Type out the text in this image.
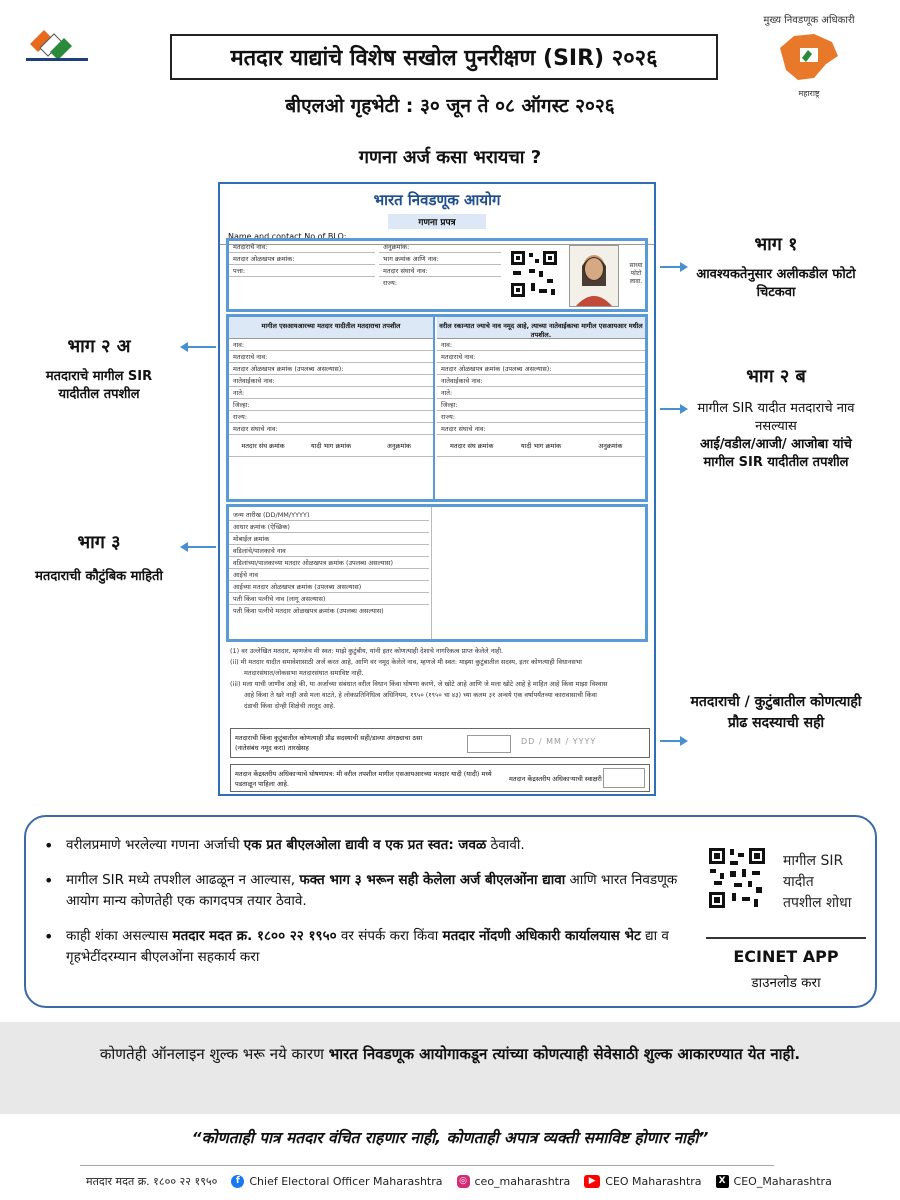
मुख्य निवडणूक अधिकारी
महाराष्ट्र
मतदार याद्यांचे विशेष सखोल पुनरीक्षण (SIR) २०२६
बीएलओ गृहभेटी : ३० जून ते ०८ ऑगस्ट २०२६
गणना अर्ज कसा भरायचा ?
भारत निवडणूक आयोग
गणना प्रपत्र
Name and contact No of BLO:
मतदाराचे नाव:
मतदार ओळखपत्र क्रमांक:
पत्ता:
अनुक्रमांक:
भाग क्रमांक आणि नाव:
मतदार संघाचे नाव:
राज्य:
साध्या फोटो लावा.
मागील एसआयआरच्या मतदार यादीतील मतदाराचा तपशील
नाव:
मतदाराचे नाव:
मतदार ओळखपत्र क्रमांक (उपलब्ध असल्यास):
नातेवाईकाचे नाव:
नाते:
जिल्हा:
राज्य:
मतदार संघाचे नाव:
मतदार संघ क्रमांक	यादी भाग क्रमांक	अनुक्रमांक
वरील रकान्यात ज्याचे नाव नमूद आहे, त्याच्या नातेवाईकाचा मागील एसआयआर मधील तपशील.
नाव:
मतदाराचे नाव:
मतदार ओळखपत्र क्रमांक (उपलब्ध असल्यास):
नातेवाईकाचे नाव:
नाते:
जिल्हा:
राज्य:
मतदार संघाचे नाव:
मतदार संघ क्रमांक	यादी भाग क्रमांक	अनुक्रमांक
जन्म तारीख (DD/MM/YYYY)
आधार क्रमांक (ऐच्छिक)
मोबाईल क्रमांक
वडिलांचे/पालकाचे नाव
वडिलांच्या/पालकाच्या मतदार ओळखपत्र क्रमांक (उपलब्ध असल्यास)
आईचे नाव
आईच्या मतदार ओळखपत्र क्रमांक (उपलब्ध असल्यास)
पती किंवा पत्नीचे नाव (लागू असल्यास)
पती किंवा पत्नीचे मतदार ओळखपत्र क्रमांक (उपलब्ध असल्यास)
(1) वर उल्लेखित मतदार, म्हणजेच मी स्वत: माझे कुटुंबीय, यांनी इतर कोणत्याही देशाचे नागरिकत्व प्राप्त केलेले नाही.
(ii) मी मतदार यादीत समावेशासाठी अर्ज करत आहे, आणि वर नमूद केलेले नाव, म्हणजे मी स्वत: माझ्या कुटुंबातील सदस्य, इतर कोणत्याही विधानसभा
मतदारसंघात/लोकसभा मतदारसंघात समाविष्ट नाही.
(iii) मला याची जाणीव आहे की, या अर्जाच्या संबंधात वरील विधान किंवा घोषणा करणे, जे खोटे आहे आणि जे मला खोटे आहे हे माहित आहे किंवा माझा विश्वास
आहे किंवा ते खरे नाही असे मला वाटते, हे लोकप्रतिनिधित्व अधिनियम, १९५० (१९५० चा ४३) च्या कलम ३१ अन्वये एक वर्षापर्यंतच्या कारावासाची किंवा
दंडाची किंवा दोन्ही शिक्षेची तरतूद आहे.
मतदाराची किंवा कुटुंबातील कोणत्याही प्रौढ सदस्याची सही/डाव्या अंगठ्याचा ठसा (नातेसंबंध नमूद करा) तारखेसह
DD / MM / YYYY
मतदान केंद्रस्तरीय अधिकाऱ्याचे घोषणापत्र: मी वरील तपशील मागील एसआयआरच्या मतदार यादी (यादी) मध्ये पडताळून पाहिला आहे.
मतदान केंद्रस्तरीय अधिकाऱ्याची स्वाक्षरी
भाग १
आवश्यकतेनुसार अलीकडील फोटो चिटकवा
भाग २ अ
मतदाराचे मागील SIR यादीतील तपशील
भाग २ ब
मागील SIR यादीत मतदाराचे नाव नसल्यास
आई/वडील/आजी/ आजोबा यांचे मागील SIR यादीतील तपशील
भाग ३
मतदाराची कौटुंबिक माहिती
मतदाराची / कुटुंबातील कोणत्याही प्रौढ सदस्याची सही
• वरीलप्रमाणे भरलेल्या गणना अर्जाची एक प्रत बीएलओला द्यावी व एक प्रत स्वत: जवळ ठेवावी.
• मागील SIR मध्ये तपशील आढळून न आल्यास, फक्त भाग ३ भरून सही केलेला अर्ज बीएलओंना द्यावा आणि भारत निवडणूक आयोग मान्य कोणतेही एक कागदपत्र तयार ठेवावे.
• काही शंका असल्यास मतदार मदत क्र. १८०० २२ १९५० वर संपर्क करा किंवा मतदार नोंदणी अधिकारी कार्यालयास भेट द्या व गृहभेटींदरम्यान बीएलओंना सहकार्य करा
मागील SIR
यादीत
तपशील शोधा
ECINET APP
डाउनलोड करा
कोणतेही ऑनलाइन शुल्क भरू नये कारण भारत निवडणूक आयोगाकडून त्यांच्या कोणत्याही सेवेसाठी शुल्क आकारण्यात येत नाही.
“कोणताही पात्र मतदार वंचित राहणार नाही, कोणताही अपात्र व्यक्ती समाविष्ट होणार नाही”
मतदार मदत क्र. १८०० २२ १९५०	f Chief Electoral Officer Maharashtra ◎ ceo_maharashtra	▶ CEO Maharashtra	X CEO_Maharashtra
